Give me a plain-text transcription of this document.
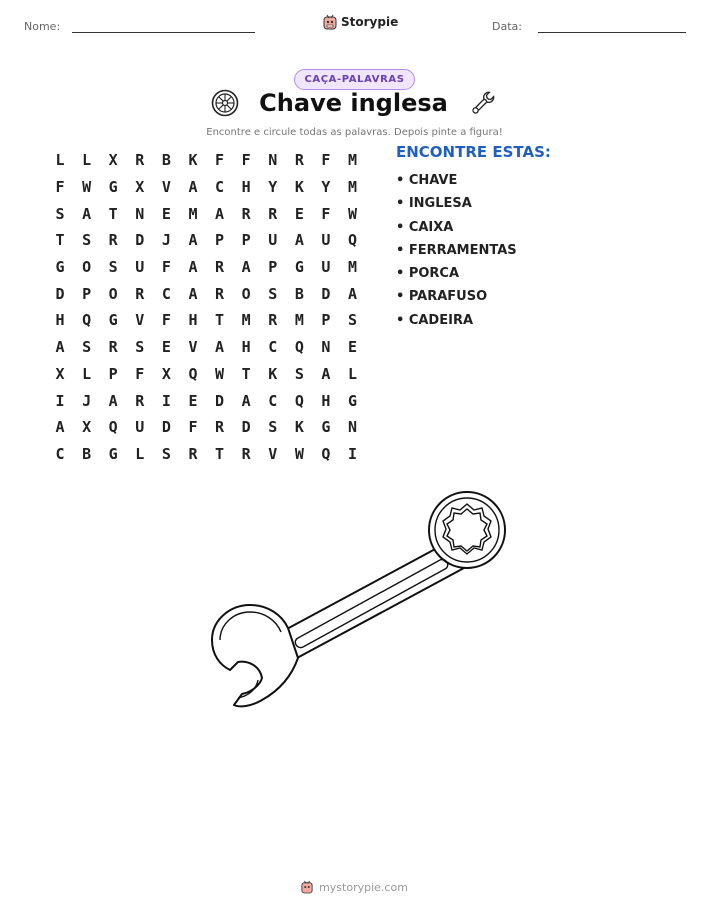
Nome:	Storypie	Data:
CAÇA-PALAVRAS
Chave inglesa
Encontre e circule todas as palavras. Depois pinte a figura!
L	L	X	R	B	K	F	F	N	R	F	M
F	W	G	X	V	A	C	H	Y	K	Y	M
S	A	T	N	E	M	A	R	R	E	F	W
T	S	R	D	J	A	P	P	U	A	U	Q
G	O	S	U	F	A	R	A	P	G	U	M
D	P	O	R	C	A	R	O	S	B	D	A
H	Q	G	V	F	H	T	M	R	M	P	S
A	S	R	S	E	V	A	H	C	Q	N	E
X	L	P	F	X	Q	W	T	K	S	A	L
I	J	A	R	I	E	D	A	C	Q	H	G
A	X	Q	U	D	F	R	D	S	K	G	N
C	B	G	L	S	R	T	R	V	W	Q	I
ENCONTRE ESTAS:
• CHAVE
• INGLESA
• CAIXA
• FERRAMENTAS
• PORCA
• PARAFUSO
• CADEIRA
mystorypie.com
